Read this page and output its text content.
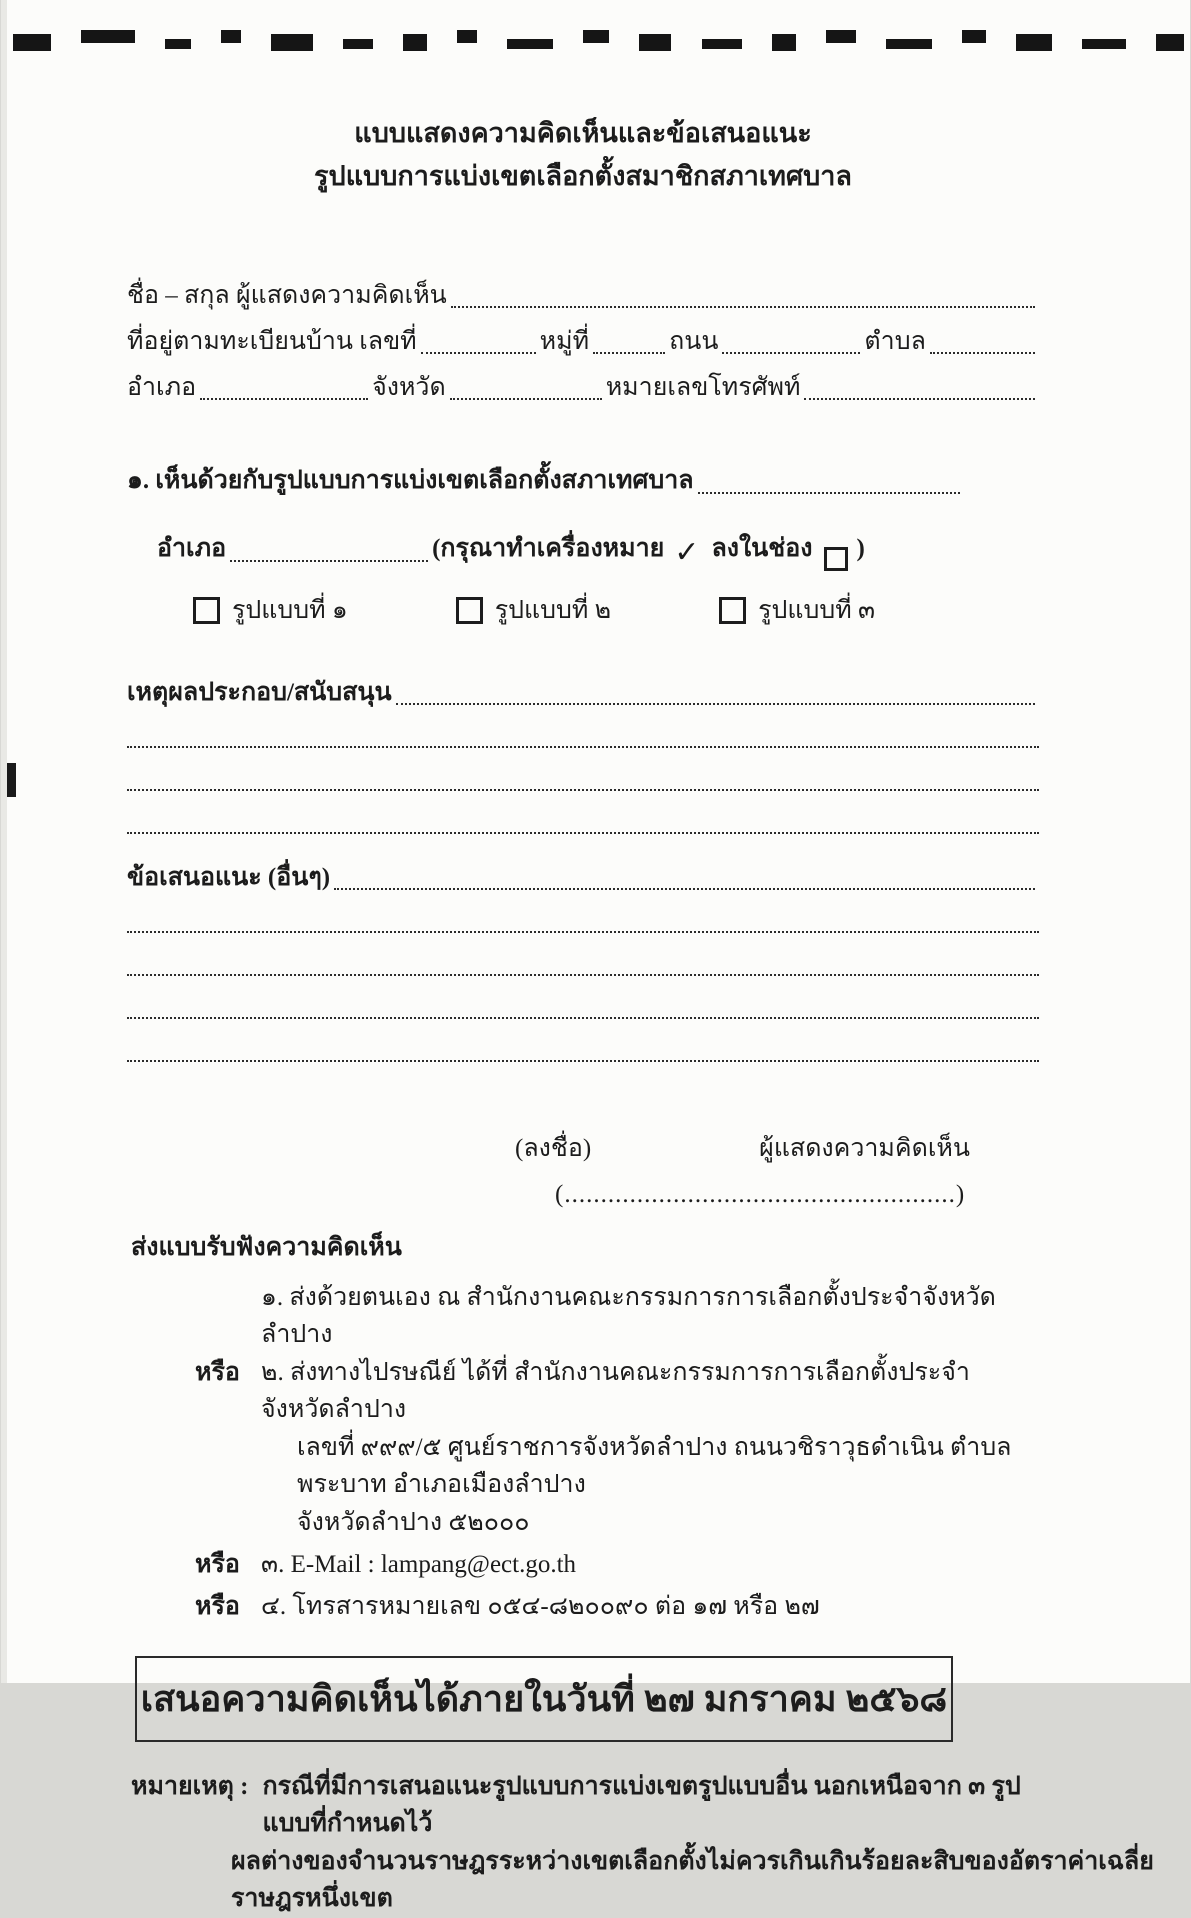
แบบแสดงความคิดเห็นและข้อเสนอแนะ
รูปแบบการแบ่งเขตเลือกตั้งสมาชิกสภาเทศบาล
ชื่อ – สกุล ผู้แสดงความคิดเห็น
ที่อยู่ตามทะเบียนบ้าน เลขที่	หมู่ที่	ถนน	ตำบล
อำเภอ	จังหวัด	หมายเลขโทรศัพท์
๑. เห็นด้วยกับรูปแบบการแบ่งเขตเลือกตั้งสภาเทศบาล
อำเภอ	(กรุณาทำเครื่องหมาย ✓ ลงในช่อง )
รูปแบบที่ ๑	รูปแบบที่ ๒	รูปแบบที่ ๓
เหตุผลประกอบ/สนับสนุน
ข้อเสนอแนะ (อื่นๆ)
(ลงชื่อ)	ผู้แสดงความคิดเห็น
(......................................................)
ส่งแบบรับฟังความคิดเห็น
๑. ส่งด้วยตนเอง ณ สำนักงานคณะกรรมการการเลือกตั้งประจำจังหวัดลำปาง
หรือ ๒. ส่งทางไปรษณีย์ ได้ที่ สำนักงานคณะกรรมการการเลือกตั้งประจำจังหวัดลำปาง
เลขที่ ๙๙๙/๕ ศูนย์ราชการจังหวัดลำปาง ถนนวชิราวุธดำเนิน ตำบลพระบาท อำเภอเมืองลำปาง
จังหวัดลำปาง ๕๒๐๐๐
หรือ ๓. E-Mail : lampang@ect.go.th
หรือ ๔. โทรสารหมายเลข ๐๕๔-๘๒๐๐๙๐ ต่อ ๑๗ หรือ ๒๗
เสนอความคิดเห็นได้ภายในวันที่ ๒๗ มกราคม ๒๕๖๘
หมายเหตุ : กรณีที่มีการเสนอแนะรูปแบบการแบ่งเขตรูปแบบอื่น นอกเหนือจาก ๓ รูปแบบที่กำหนดไว้
ผลต่างของจำนวนราษฎรระหว่างเขตเลือกตั้งไม่ควรเกินเกินร้อยละสิบของอัตราค่าเฉลี่ยราษฎรหนึ่งเขต
